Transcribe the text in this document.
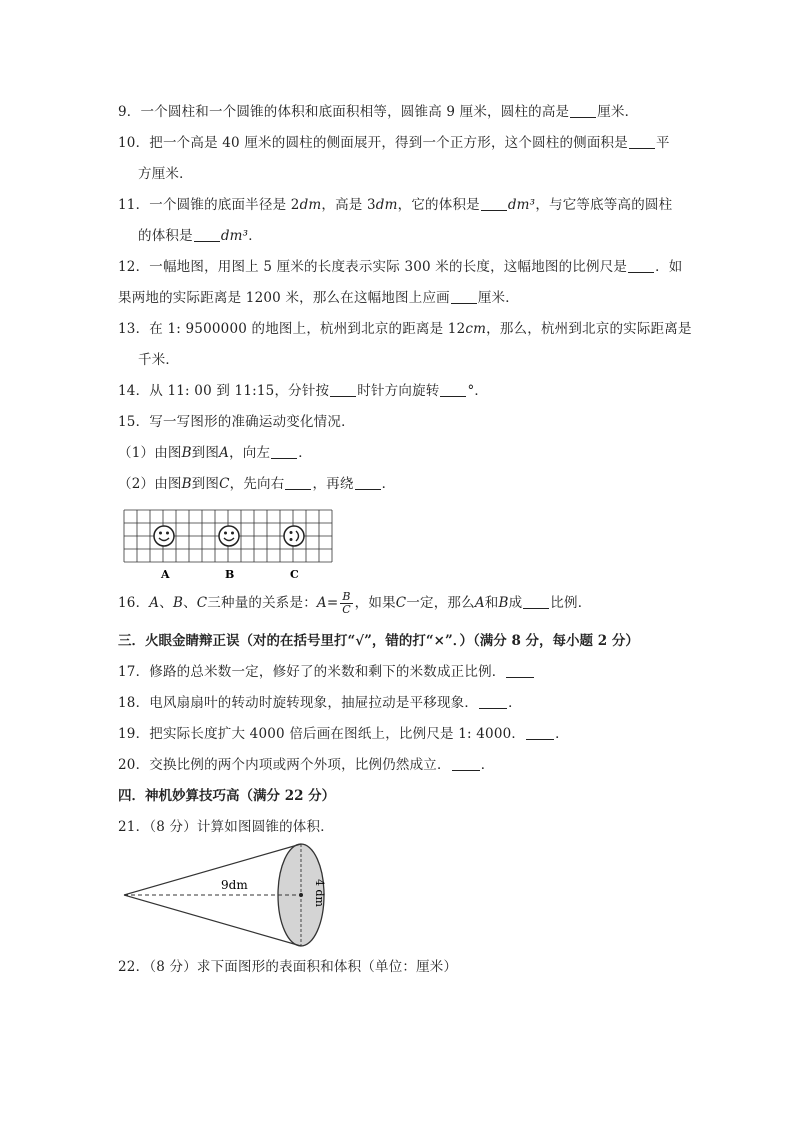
9．一个圆柱和一个圆锥的体积和底面积相等，圆锥高 9 厘米，圆柱的高是 厘米．
10．把一个高是 40 厘米的圆柱的侧面展开，得到一个正方形，这个圆柱的侧面积是 平
方厘米．
11．一个圆锥的底面半径是 2dm，高是 3dm，它的体积是 dm³，与它等底等高的圆柱
的体积是 dm³．
12．一幅地图，用图上 5 厘米的长度表示实际 300 米的长度，这幅地图的比例尺是 ．如
果两地的实际距离是 1200 米，那么在这幅地图上应画 厘米．
13．在 1: 9500000 的地图上，杭州到北京的距离是 12cm，那么，杭州到北京的实际距离是
千米．
14．从 11: 00 到 11:15，分针按 时针方向旋转 °．
15．写一写图形的准确运动变化情况．
（1）由图B到图A，向左 ．
（2）由图B到图C，先向右 ，再绕 ．
A	B	C
16．A、B、C三种量的关系是：$A= \frac{B}{C}$ ，如果C一定，那么A和B成 比例．
三．火眼金睛辩正误（对的在括号里打“√”，错的打“×”．）（满分 8 分，每小题 2 分）
17．修路的总米数一定，修好了的米数和剩下的米数成正比例．
18．电风扇扇叶的转动时旋转现象，抽屉拉动是平移现象． ．
19．把实际长度扩大 4000 倍后画在图纸上，比例尺是 1: 4000． ．
20．交换比例的两个内项或两个外项，比例仍然成立． ．
四．神机妙算技巧高（满分 22 分）
21．（8 分）计算如图圆锥的体积．
9dm	4 dm
22．（8 分）求下面图形的表面积和体积（单位：厘米）
